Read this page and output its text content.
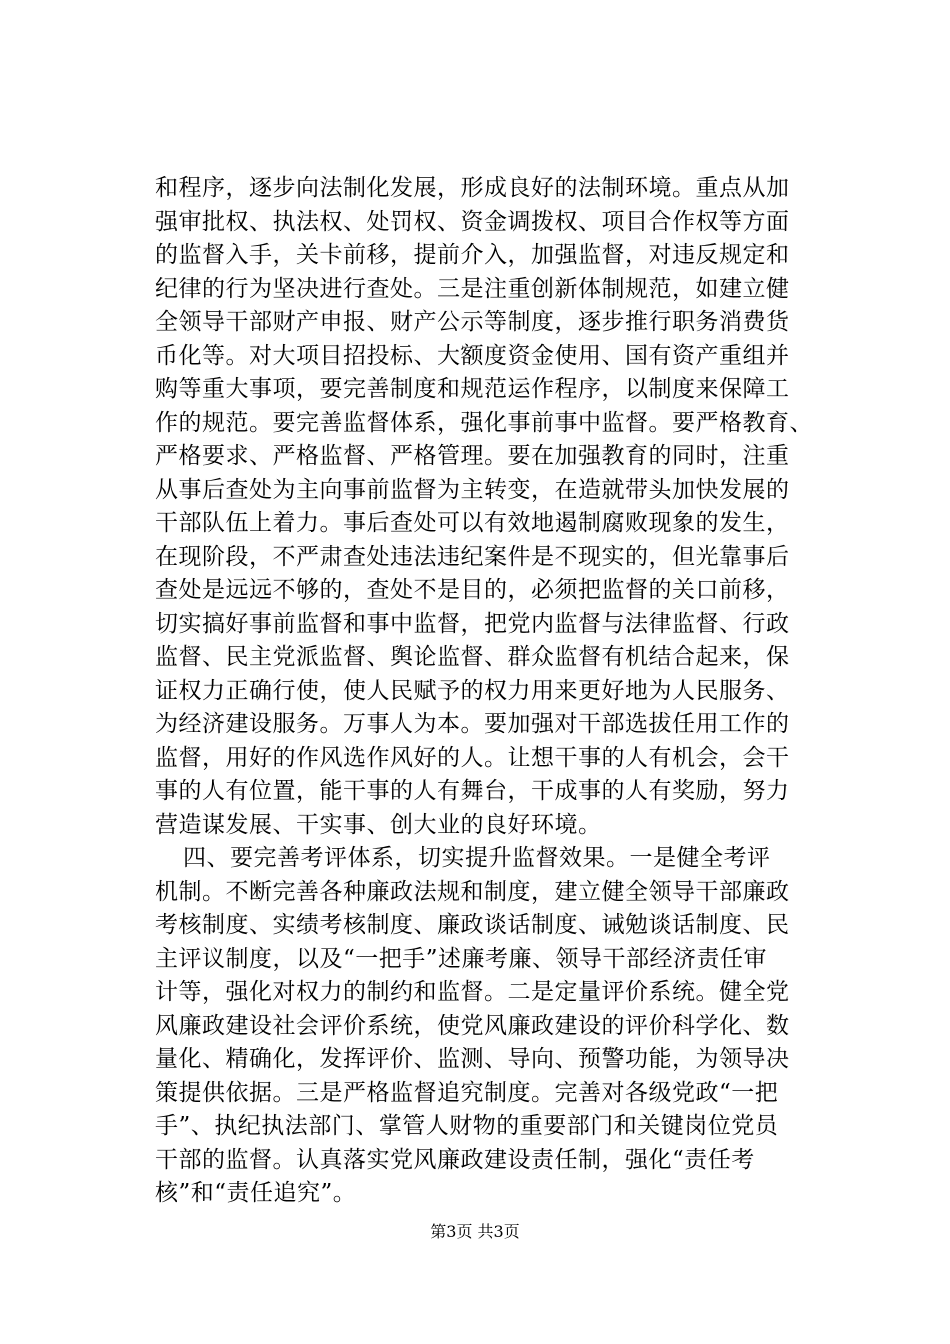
和程序，逐步向法制化发展，形成良好的法制环境。重点从加
强审批权、执法权、处罚权、资金调拨权、项目合作权等方面
的监督入手，关卡前移，提前介入，加强监督，对违反规定和
纪律的行为坚决进行查处。三是注重创新体制规范，如建立健
全领导干部财产申报、财产公示等制度，逐步推行职务消费货
币化等。对大项目招投标、大额度资金使用、国有资产重组并
购等重大事项，要完善制度和规范运作程序，以制度来保障工
作的规范。要完善监督体系，强化事前事中监督。要严格教育、
严格要求、严格监督、严格管理。要在加强教育的同时，注重
从事后查处为主向事前监督为主转变，在造就带头加快发展的
干部队伍上着力。事后查处可以有效地遏制腐败现象的发生，
在现阶段，不严肃查处违法违纪案件是不现实的，但光靠事后
查处是远远不够的，查处不是目的，必须把监督的关口前移，
切实搞好事前监督和事中监督，把党内监督与法律监督、行政
监督、民主党派监督、舆论监督、群众监督有机结合起来，保
证权力正确行使，使人民赋予的权力用来更好地为人民服务、
为经济建设服务。万事人为本。要加强对干部选拔任用工作的
监督，用好的作风选作风好的人。让想干事的人有机会，会干
事的人有位置，能干事的人有舞台，干成事的人有奖励，努力
营造谋发展、干实事、创大业的良好环境。
四、要完善考评体系，切实提升监督效果。一是健全考评
机制。不断完善各种廉政法规和制度，建立健全领导干部廉政
考核制度、实绩考核制度、廉政谈话制度、诫勉谈话制度、民
主评议制度，以及“一把手”述廉考廉、领导干部经济责任审
计等，强化对权力的制约和监督。二是定量评价系统。健全党
风廉政建设社会评价系统，使党风廉政建设的评价科学化、数
量化、精确化，发挥评价、监测、导向、预警功能，为领导决
策提供依据。三是严格监督追究制度。完善对各级党政“一把
手”、执纪执法部门、掌管人财物的重要部门和关键岗位党员
干部的监督。认真落实党风廉政建设责任制，强化“责任考
核”和“责任追究”。
第3页 共3页
